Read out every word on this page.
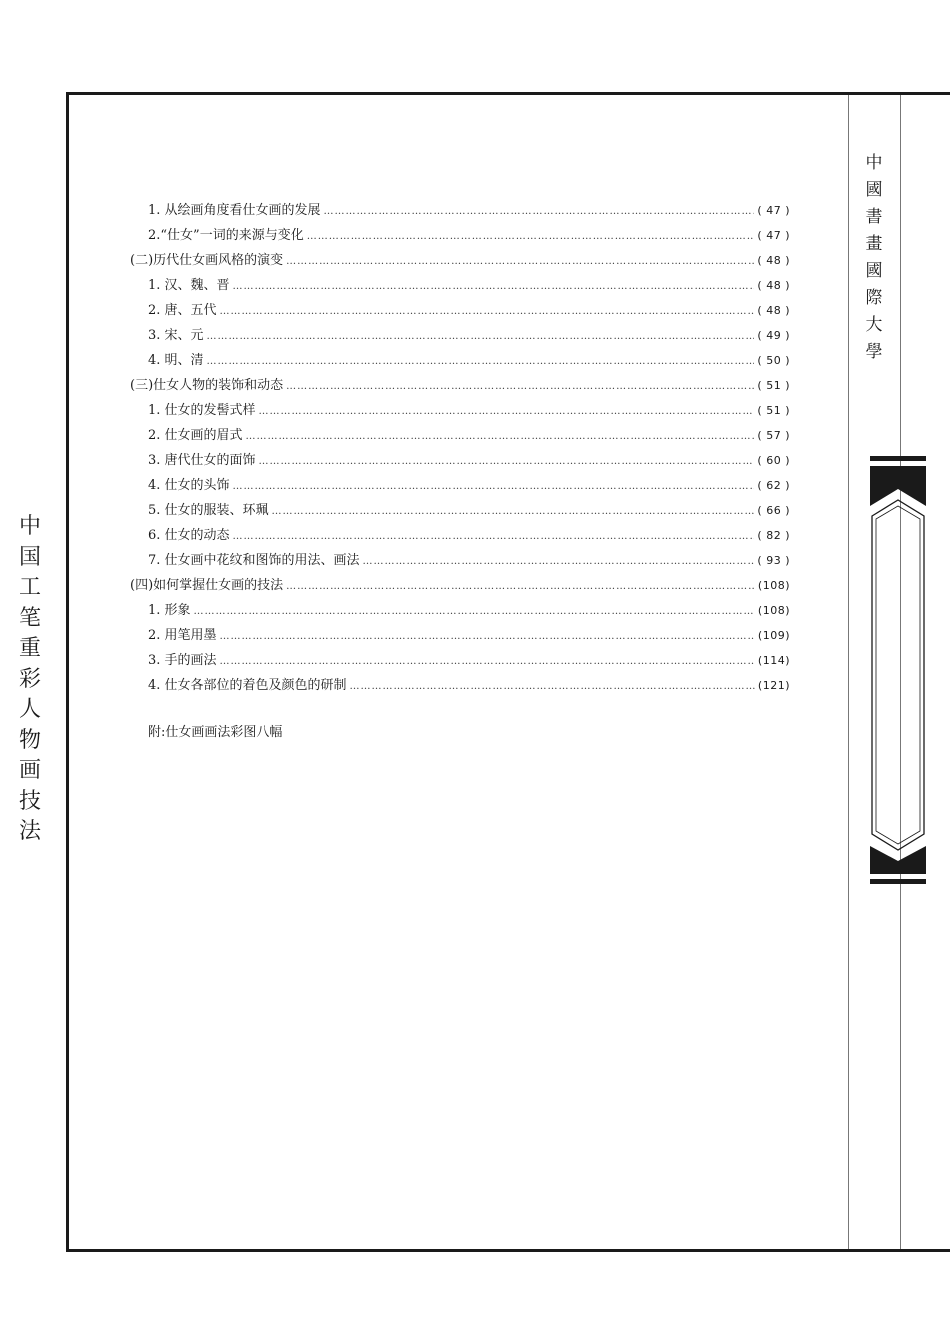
1. 从绘画角度看仕女画的发展 ………………………………………………………………………………………………………………………………………………………………………………	( 47 )
2.“仕女”一词的来源与变化 ………………………………………………………………………………………………………………………………………………………………………………	( 47 )
(二)历代仕女画风格的演变 ………………………………………………………………………………………………………………………………………………………………………………	( 48 )
1. 汉、魏、晋 ………………………………………………………………………………………………………………………………………………………………………………	( 48 )
2. 唐、五代 ………………………………………………………………………………………………………………………………………………………………………………	( 48 )
3. 宋、元 ………………………………………………………………………………………………………………………………………………………………………………	( 49 )
4. 明、清 ………………………………………………………………………………………………………………………………………………………………………………	( 50 )
(三)仕女人物的装饰和动态 ………………………………………………………………………………………………………………………………………………………………………………	( 51 )
1. 仕女的发髻式样 ………………………………………………………………………………………………………………………………………………………………………………	( 51 )
2. 仕女画的眉式 ………………………………………………………………………………………………………………………………………………………………………………	( 57 )
3. 唐代仕女的面饰 ………………………………………………………………………………………………………………………………………………………………………………	( 60 )
4. 仕女的头饰 ………………………………………………………………………………………………………………………………………………………………………………	( 62 )
5. 仕女的服装、环珮 ………………………………………………………………………………………………………………………………………………………………………………	( 66 )
6. 仕女的动态 ………………………………………………………………………………………………………………………………………………………………………………	( 82 )
7. 仕女画中花纹和图饰的用法、画法 ………………………………………………………………………………………………………………………………………………………………………………	( 93 )
(四)如何掌握仕女画的技法 ………………………………………………………………………………………………………………………………………………………………………………	(108)
1. 形象 ………………………………………………………………………………………………………………………………………………………………………………	(108)
2. 用笔用墨 ………………………………………………………………………………………………………………………………………………………………………………	(109)
3. 手的画法 ………………………………………………………………………………………………………………………………………………………………………………	(114)
4. 仕女各部位的着色及颜色的研制 ………………………………………………………………………………………………………………………………………………………………………………	(121)
附:仕女画画法彩图八幅
中
國
書
畫
國
際
大
學
中
国
工
笔
重
彩
人
物
画
技
法
